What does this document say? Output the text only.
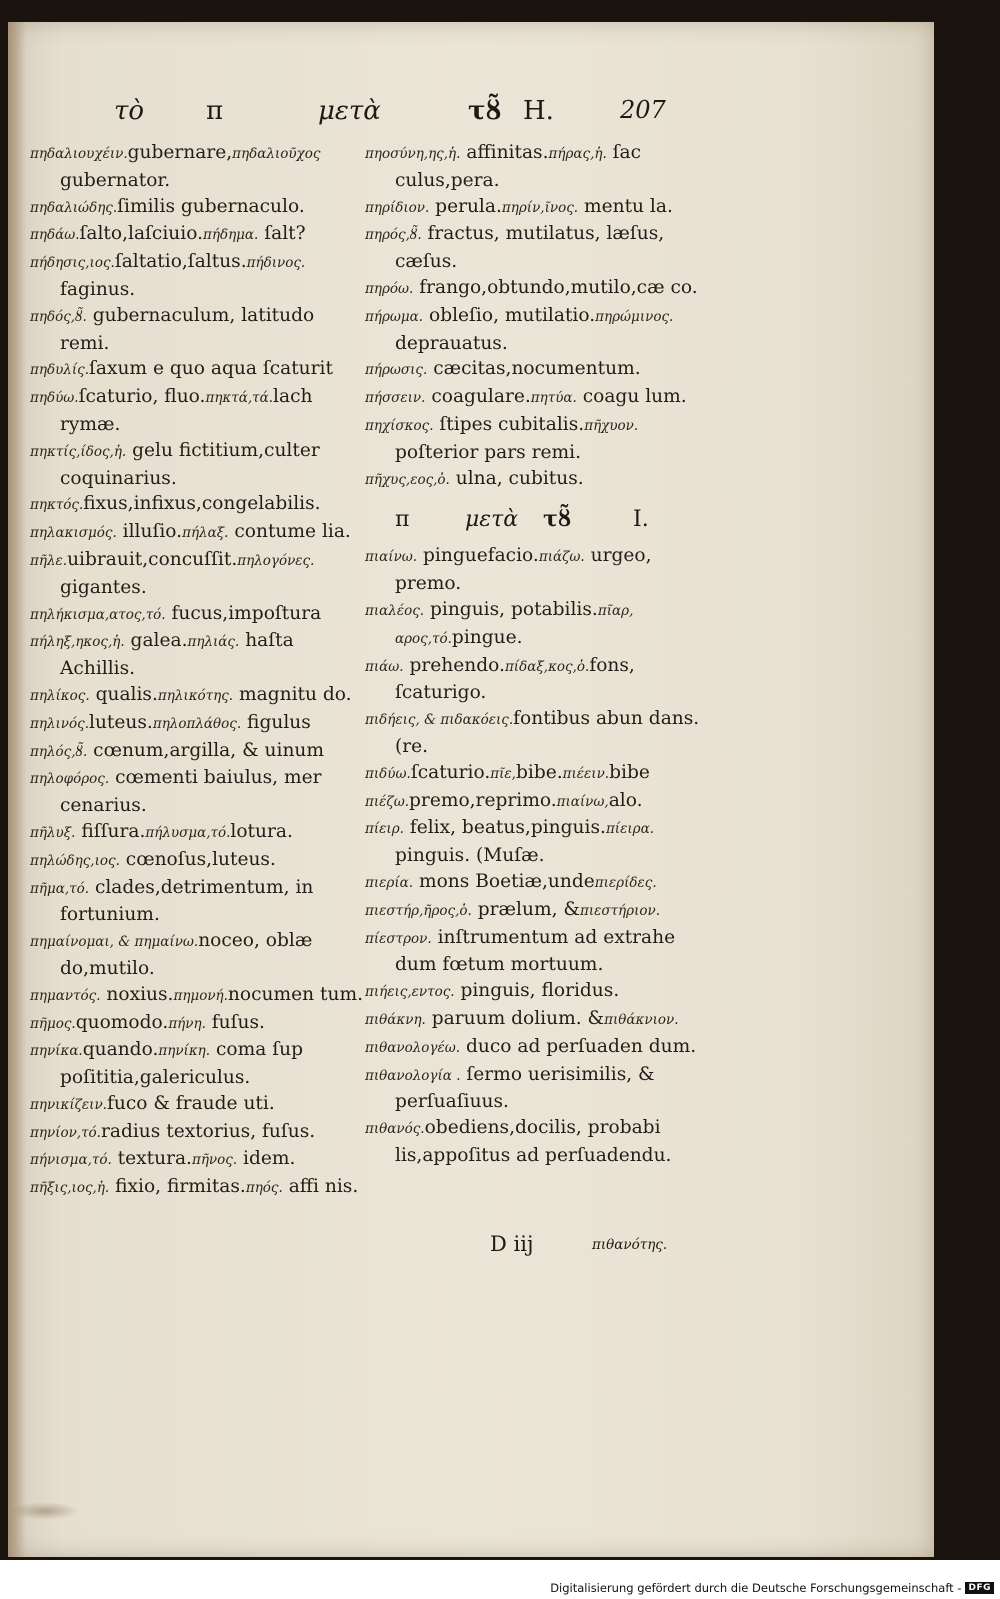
τὸ π	μετὰ	τȣ̃ H.	207

πηδαλιουχέιν.gubernare,πηδαλιοῦχος gubernator.

πηδαλιώδης.ſimilis gubernaculo.

πηδάω.ſalto,laſciuio.πήδημα. ſalt?

πήδησις,ιος.ſaltatio,ſaltus.πήδινος. faginus.

πηδός,ȣ̃. gubernaculum, latitudo remi.

πηδυλίς.ſaxum e quo aqua ſcaturit

πηδύω.ſcaturio, fluo.πηκτά,τά.lach rymæ.

πηκτίς,ίδος,ἡ. gelu fictitium,culter coquinarius.

πηκτός.fixus,infixus,congelabilis.

πηλακισμός. illuſio.πήλαξ. contume lia.

πῆλε.uibrauit,concuſſit.πηλογόνες. gigantes.

πηλήκισμα,ατος,τό. fucus,impoſtura

πήληξ,ηκος,ἡ. galea.πηλιάς. haſta Achillis.

πηλίκος. qualis.πηλικότης. magnitu do.

πηλινός.luteus.πηλοπλάθος. figulus

πηλός,ȣ̃. cœnum,argilla, & uinum

πηλοφόρος. cœmenti baiulus, mer cenarius.

πῆλυξ. fiſſura.πήλυσμα,τό.lotura.

πηλώδης,ιος. cœnoſus,luteus.

πῆμα,τό. clades,detrimentum, in fortunium.

πημαίνομαι, & πημαίνω.noceo, oblæ do,mutilo.

πημαντός. noxius.πημονή.nocumen tum.

πῆμος.quomodo.πήνη. fuſus.

πηνίκα.quando.πηνίκη. coma ſup poſititia,galericulus.

πηνικίζειν.fuco & fraude uti.

πηνίον,τό.radius textorius, fuſus.

πήνισμα,τό. textura.πῆνος. idem.

πῆξις,ιος,ἡ. fixio, firmitas.πηός. affi nis.

πηοσύνη,ης,ἡ. affinitas.πήρας,ἡ. ſac culus,pera.

πηρίδιον. perula.πηρίν,ῖνος. mentu la.

πηρός,ȣ̃. fractus, mutilatus, læſus, cæſus.

πηρόω. frango,obtundo,mutilo,cæ co.

πήρωμα. obleſio, mutilatio.πηρώμινος. deprauatus.

πήρωσις. cæcitas,nocumentum.

πήσσειν. coagulare.πητύα. coagu lum.

πηχίσκος. ſtipes cubitalis.πῆχυον. poſterior pars remi.

πῆχυς,εος,ὁ. ulna, cubitus.

π	μετὰ τȣ̃	I.

πιαίνω. pinguefacio.πιάζω. urgeo, premo.

πιαλέος. pinguis, potabilis.πῖαρ, αρος,τό.pingue.

πιάω. prehendo.πίδαξ,κος,ὁ.fons, ſcaturigo.

πιδήεις, & πιδακόεις.fontibus abun dans. (re.

πιδύω.ſcaturio.πῖε,bibe.πιέειν.bibe

πιέζω.premo,reprimo.πιαίνω,alo.

πίειρ. felix, beatus,pinguis.πίειρα. pinguis. (Muſæ.

πιερία. mons Boetiæ,undeπιερίδες.

πιεστήρ,ῆρος,ὁ. prælum, &πιεστήριον.

πίεστρον. inſtrumentum ad extrahe dum fœtum mortuum.

πιήεις,εντος. pinguis, floridus.

πιθάκνη. paruum dolium. &πιθάκνιον.

πιθανολογέω. duco ad perſuaden dum.

πιθανολογία . ſermo uerisimilis, & perſuaſiuus.

πιθανός.obediens,docilis, probabi lis,appoſitus ad perſuadendu.

D iij	πιθανότης.
Digitalisierung gefördert durch die Deutsche Forschungsgemeinschaft - DFG
